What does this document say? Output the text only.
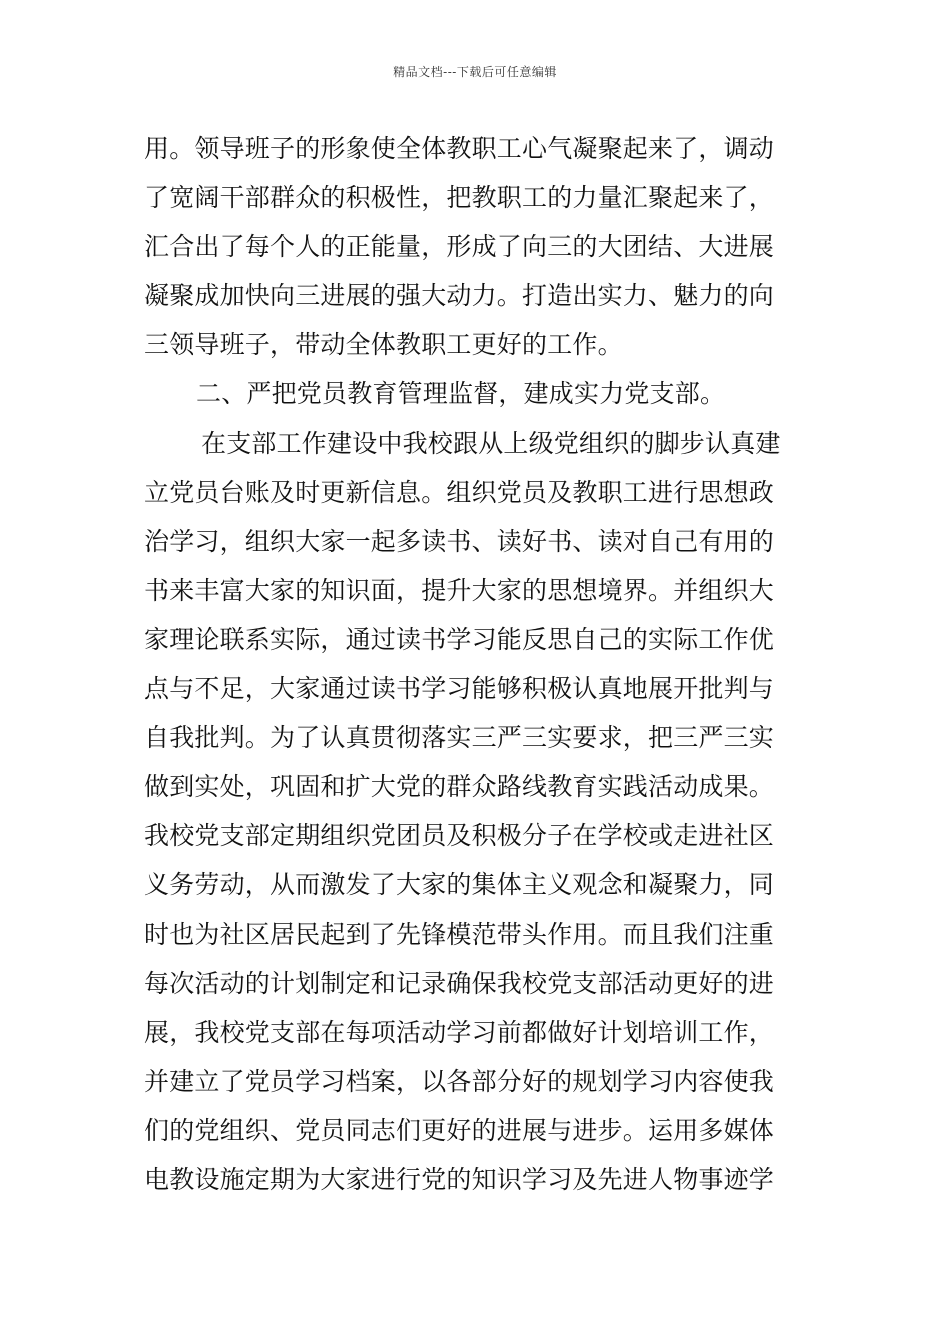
精品文档---下载后可任意编辑
用。领导班子的形象使全体教职工心气凝聚起来了，调动
了宽阔干部群众的积极性，把教职工的力量汇聚起来了，
汇合出了每个人的正能量，形成了向三的大团结、大进展
凝聚成加快向三进展的强大动力。打造出实力、魅力的向
三领导班子，带动全体教职工更好的工作。
二、严把党员教育管理监督，建成实力党支部。
在支部工作建设中我校跟从上级党组织的脚步认真建
立党员台账及时更新信息。组织党员及教职工进行思想政
治学习，组织大家一起多读书、读好书、读对自己有用的
书来丰富大家的知识面，提升大家的思想境界。并组织大
家理论联系实际，通过读书学习能反思自己的实际工作优
点与不足，大家通过读书学习能够积极认真地展开批判与
自我批判。为了认真贯彻落实三严三实要求，把三严三实
做到实处，巩固和扩大党的群众路线教育实践活动成果。
我校党支部定期组织党团员及积极分子在学校或走进社区
义务劳动，从而激发了大家的集体主义观念和凝聚力，同
时也为社区居民起到了先锋模范带头作用。而且我们注重
每次活动的计划制定和记录确保我校党支部活动更好的进
展，我校党支部在每项活动学习前都做好计划培训工作，
并建立了党员学习档案，以各部分好的规划学习内容使我
们的党组织、党员同志们更好的进展与进步。运用多媒体
电教设施定期为大家进行党的知识学习及先进人物事迹学
